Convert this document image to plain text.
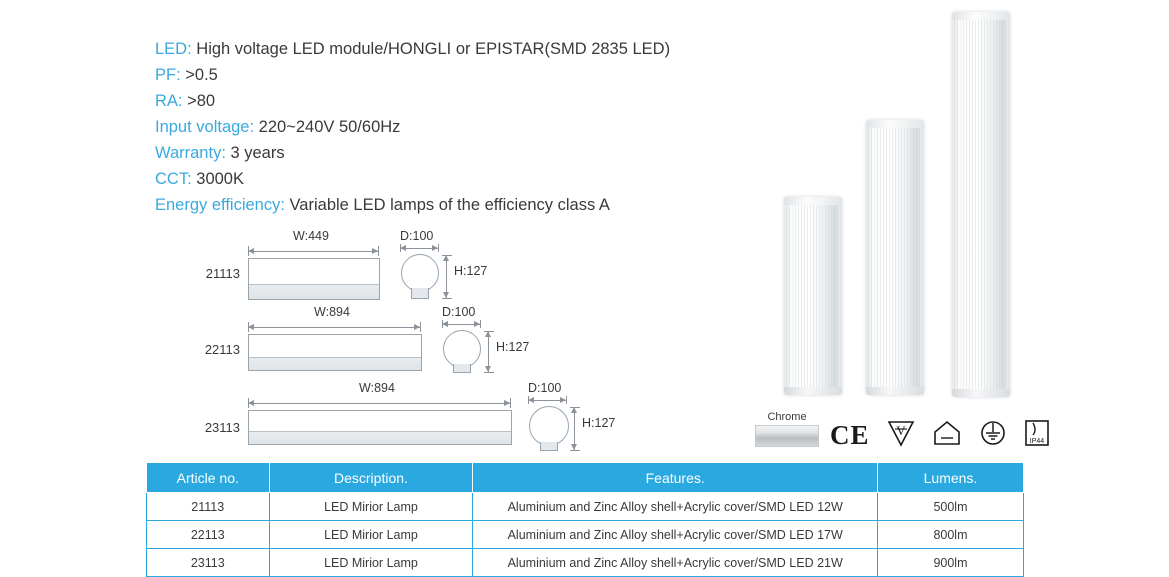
LED: High voltage LED module/HONGLI or EPISTAR(SMD 2835 LED)
PF: >0.5
RA: >80
Input voltage: 220~240V 50/60Hz
Warranty: 3 years
CCT: 3000K
Energy efficiency: Variable LED lamps of the efficiency class A
21113
W:449	D:100
H:127
22113
W:894	D:100
H:127
23113
W:894	D:100
H:127	Chrome
CE V
IP44
Article no.	Description.	Features.	Lumens.
21113	LED Mirior Lamp	Aluminium and Zinc Alloy shell+Acrylic cover/SMD LED 12W	500lm
22113	LED Mirior Lamp	Aluminium and Zinc Alloy shell+Acrylic cover/SMD LED 17W	800lm
23113	LED Mirior Lamp	Aluminium and Zinc Alloy shell+Acrylic cover/SMD LED 21W	900lm
